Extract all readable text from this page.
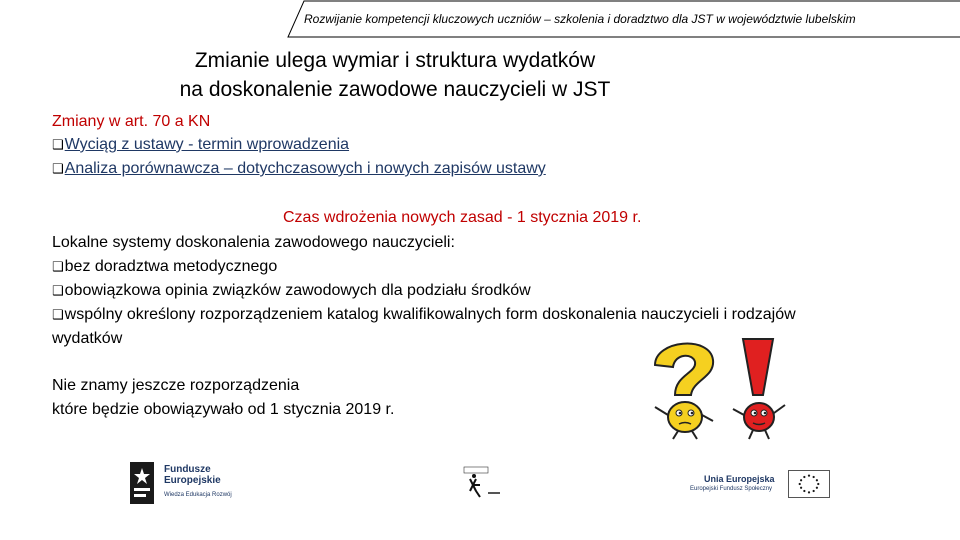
Rozwijanie kompetencji kluczowych uczniów – szkolenia i doradztwo dla JST w województwie lubelskim
Zmianie ulega wymiar i struktura wydatków
na doskonalenie zawodowe nauczycieli w JST
Zmiany w art. 70 a KN
❑Wyciąg z ustawy - termin wprowadzenia
❑Analiza porównawcza – dotychczasowych i nowych zapisów ustawy
Czas wdrożenia nowych zasad - 1 stycznia 2019 r.
Lokalne systemy doskonalenia zawodowego nauczycieli:
❑bez doradztwa metodycznego
❑obowiązkowa opinia związków zawodowych dla podziału środków
❑wspólny określony rozporządzeniem katalog kwalifikowalnych form doskonalenia nauczycieli i rodzajów
wydatków
Nie znamy jeszcze rozporządzenia
które będzie obowiązywało od 1 stycznia 2019 r.
Fundusze
Europejskie
Wiedza Edukacja Rozwój
Unia Europejska
Europejski Fundusz Społeczny
